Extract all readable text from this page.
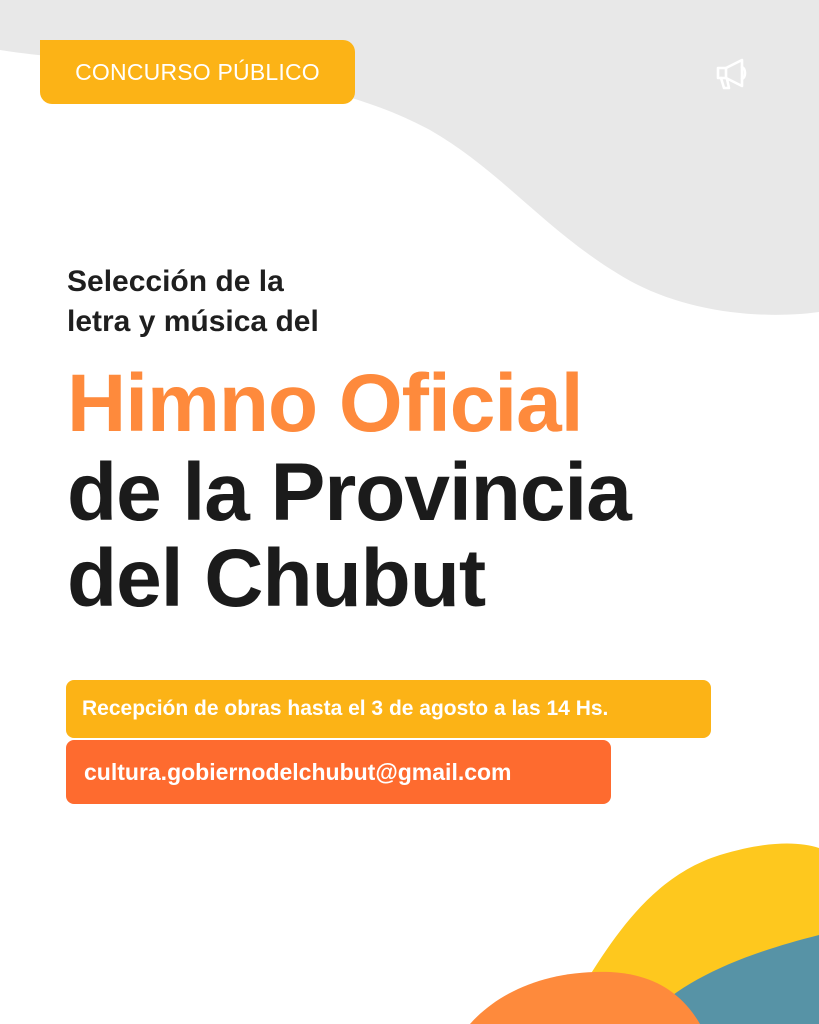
CONCURSO PÚBLICO
Selección de la
letra y música del
Himno Oficial
de la Provincia
del Chubut
Recepción de obras hasta el 3 de agosto a las 14 Hs.
cultura.gobiernodelchubut@gmail.com
